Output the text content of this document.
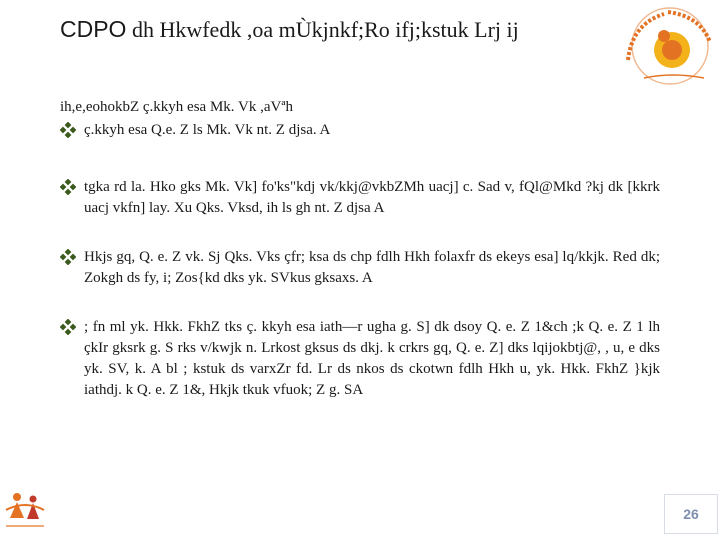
CDPO dh Hkwfedk ,oa mÙkjnkf;Ro ifj;kstuk Lrj ij
ih,e,eohokbZ ç.kkyh esa Mk. Vk ,aVªh
ç.kkyh esa Q.e. Z ls Mk. Vk nt. Z djsa. A
tgka rd la. Hko gks Mk. Vk] fo'ks"kdj vk/kkj@vkbZMh uacj] c. Sad v, fQl@Mkd ?kj dk [kkrk uacj vkfn] lay. Xu Qks. Vksd, ih ls gh nt. Z djsa A
Hkjs gq, Q. e. Z vk. Sj Qks. Vks çfr; ksa ds chp fdlh Hkh folaxfr ds ekeys esa] lq/kkjk. Red dk; Zokgh ds fy, i; Zos{kd dks yk. SVkus gksaxs. A
; fn ml yk. Hkk. FkhZ tks ç. kkyh esa iath—r ugha g. S] dk dsoy Q. e. Z 1&ch ;k Q. e. Z 1 lh çkIr gksrk g. S rks v/kwjk n. Lrkost gksus ds dkj. k crkrs gq, Q. e. Z] dks lqijokbtj@, , u, e dks yk. SV, k. A bl ; kstuk ds varxZr fd. Lr ds nkos ds ckotwn fdlh Hkh u, yk. Hkk. FkhZ }kjk iathdj. k Q. e. Z 1&, Hkjk tkuk vfuok; Z g. SA
26
